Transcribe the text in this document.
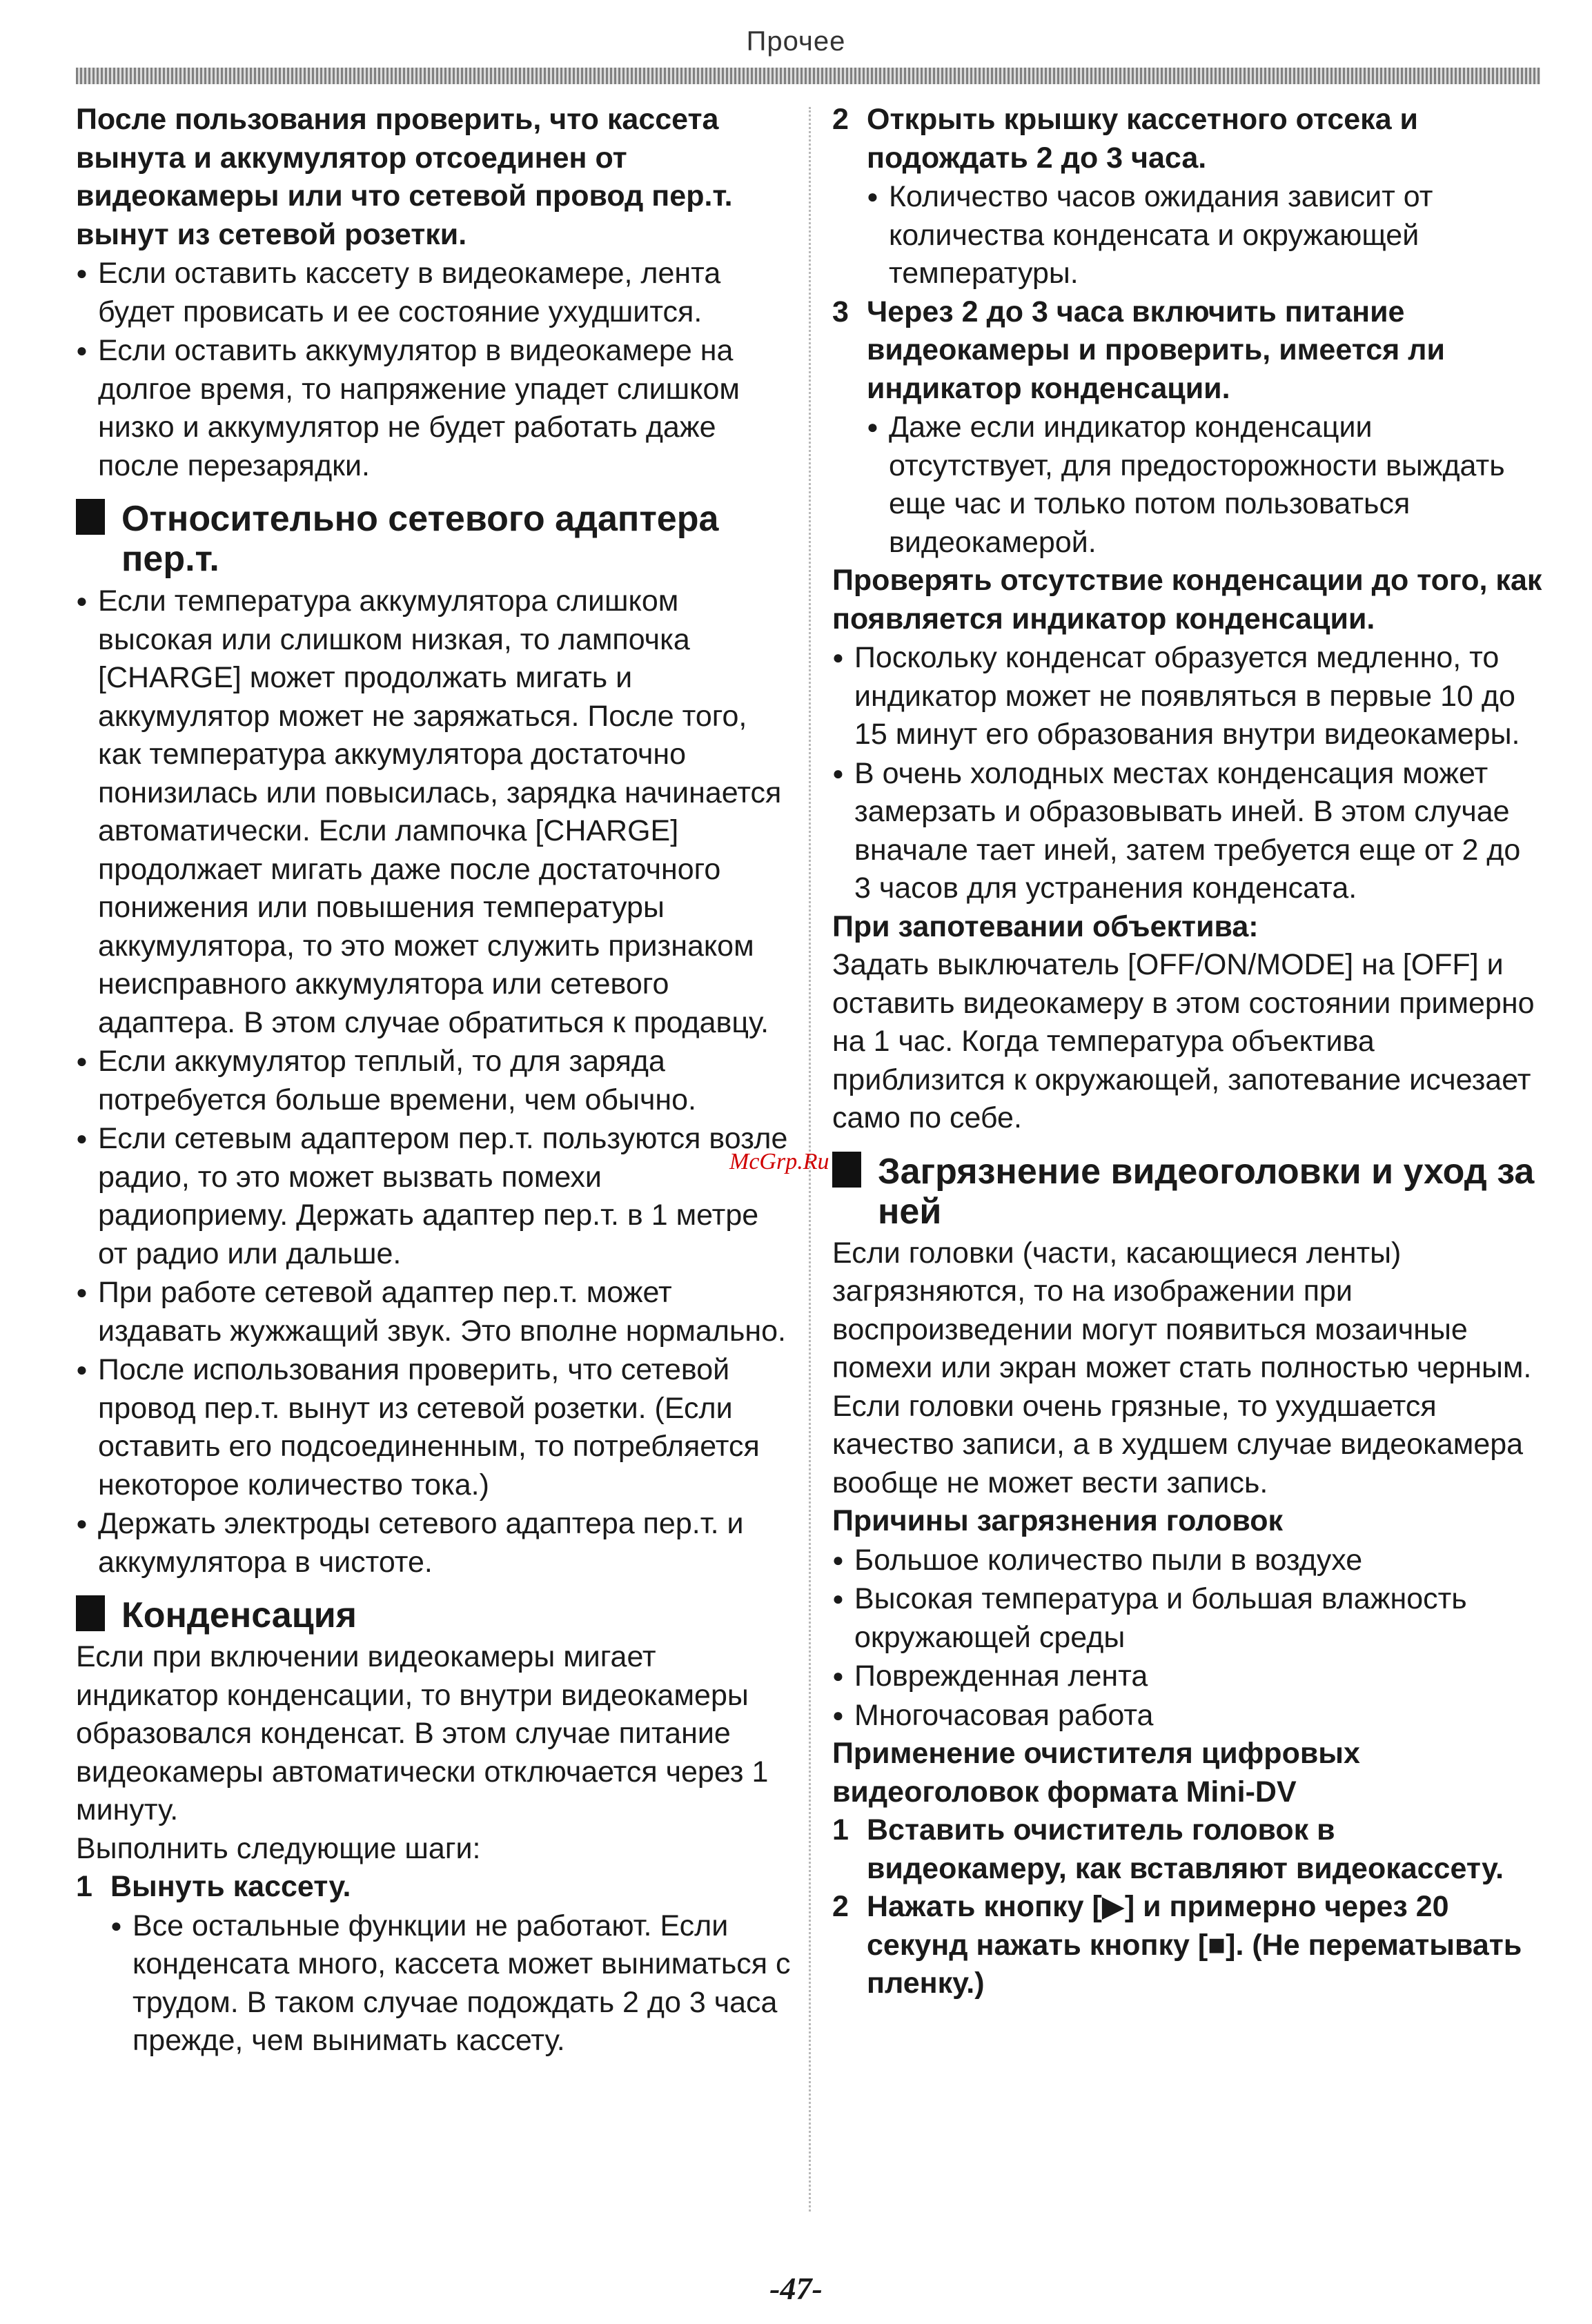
Прочее

После пользования проверить, что кассета вынута и аккумулятор отсоединен от видеокамеры или что сетевой провод пер.т. вынут из сетевой розетки.

● Если оставить кассету в видеокамере, лента будет провисать и ее состояние ухудшится.

● Если оставить аккумулятор в видеокамере на долгое время, то напряжение упадет слишком низко и аккумулятор не будет работать даже после перезарядки.

Относительно сетевого адаптера пер.т.

● Если температура аккумулятора слишком высокая или слишком низкая, то лампочка [CHARGE] может продолжать мигать и аккумулятор может не заряжаться. После того, как температура аккумулятора достаточно понизилась или повысилась, зарядка начинается автоматически. Если лампочка [CHARGE] продолжает мигать даже после достаточного понижения или повышения температуры аккумулятора, то это может служить признаком неисправного аккумулятора или сетевого адаптера. В этом случае обратиться к продавцу.

● Если аккумулятор теплый, то для заряда потребуется больше времени, чем обычно.

● Если сетевым адаптером пер.т. пользуются возле радио, то это может вызвать помехи радиоприему. Держать адаптер пер.т. в 1 метре от радио или дальше.

● При работе сетевой адаптер пер.т. может издавать жужжащий звук. Это вполне нормально.

● После использования проверить, что сетевой провод пер.т. вынут из сетевой розетки. (Если оставить его подсоединенным, то потребляется некоторое количество тока.)

● Держать электроды сетевого адаптера пер.т. и аккумулятора в чистоте.

Конденсация

Если при включении видеокамеры мигает индикатор конденсации, то внутри видеокамеры образовался конденсат. В этом случае питание видеокамеры автоматически отключается через 1 минуту.

Выполнить следующие шаги:

1 Вынуть кассету.

● Все остальные функции не работают. Если конденсата много, кассета может выниматься с трудом. В таком случае подождать 2 до 3 часа прежде, чем вынимать кассету.

2 Открыть крышку кассетного отсека и подождать 2 до 3 часа.

● Количество часов ожидания зависит от количества конденсата и окружающей температуры.

3 Через 2 до 3 часа включить питание видеокамеры и проверить, имеется ли индикатор конденсации.

● Даже если индикатор конденсации отсутствует, для предосторожности выждать еще час и только потом пользоваться видеокамерой.

Проверять отсутствие конденсации до того, как появляется индикатор конденсации.

● Поскольку конденсат образуется медленно, то индикатор может не появляться в первые 10 до 15 минут его образования внутри видеокамеры.

● В очень холодных местах конденсация может замерзать и образовывать иней. В этом случае вначале тает иней, затем требуется еще от 2 до 3 часов для устранения конденсата.

При запотевании объектива:

Задать выключатель [OFF/ON/MODE] на [OFF] и оставить видеокамеру в этом состоянии примерно на 1 час. Когда температура объектива приблизится к окружающей, запотевание исчезает само по себе.

Загрязнение видеоголовки и уход за ней

Если головки (части, касающиеся ленты) загрязняются, то на изображении при воспроизведении могут появиться мозаичные помехи или экран может стать полностью черным. Если головки очень грязные, то ухудшается качество записи, а в худшем случае видеокамера вообще не может вести запись.

Причины загрязнения головок

● Большое количество пыли в воздухе

● Высокая температура и большая влажность окружающей среды

● Поврежденная лента

● Многочасовая работа

Применение очистителя цифровых видеоголовок формата Mini-DV

1 Вставить очиститель головок в видеокамеру, как вставляют видеокассету.

2 Нажать кнопку [▶] и примерно через 20 секунд нажать кнопку [■]. (Не перематывать пленку.)

McGrp.Ru
-47-
